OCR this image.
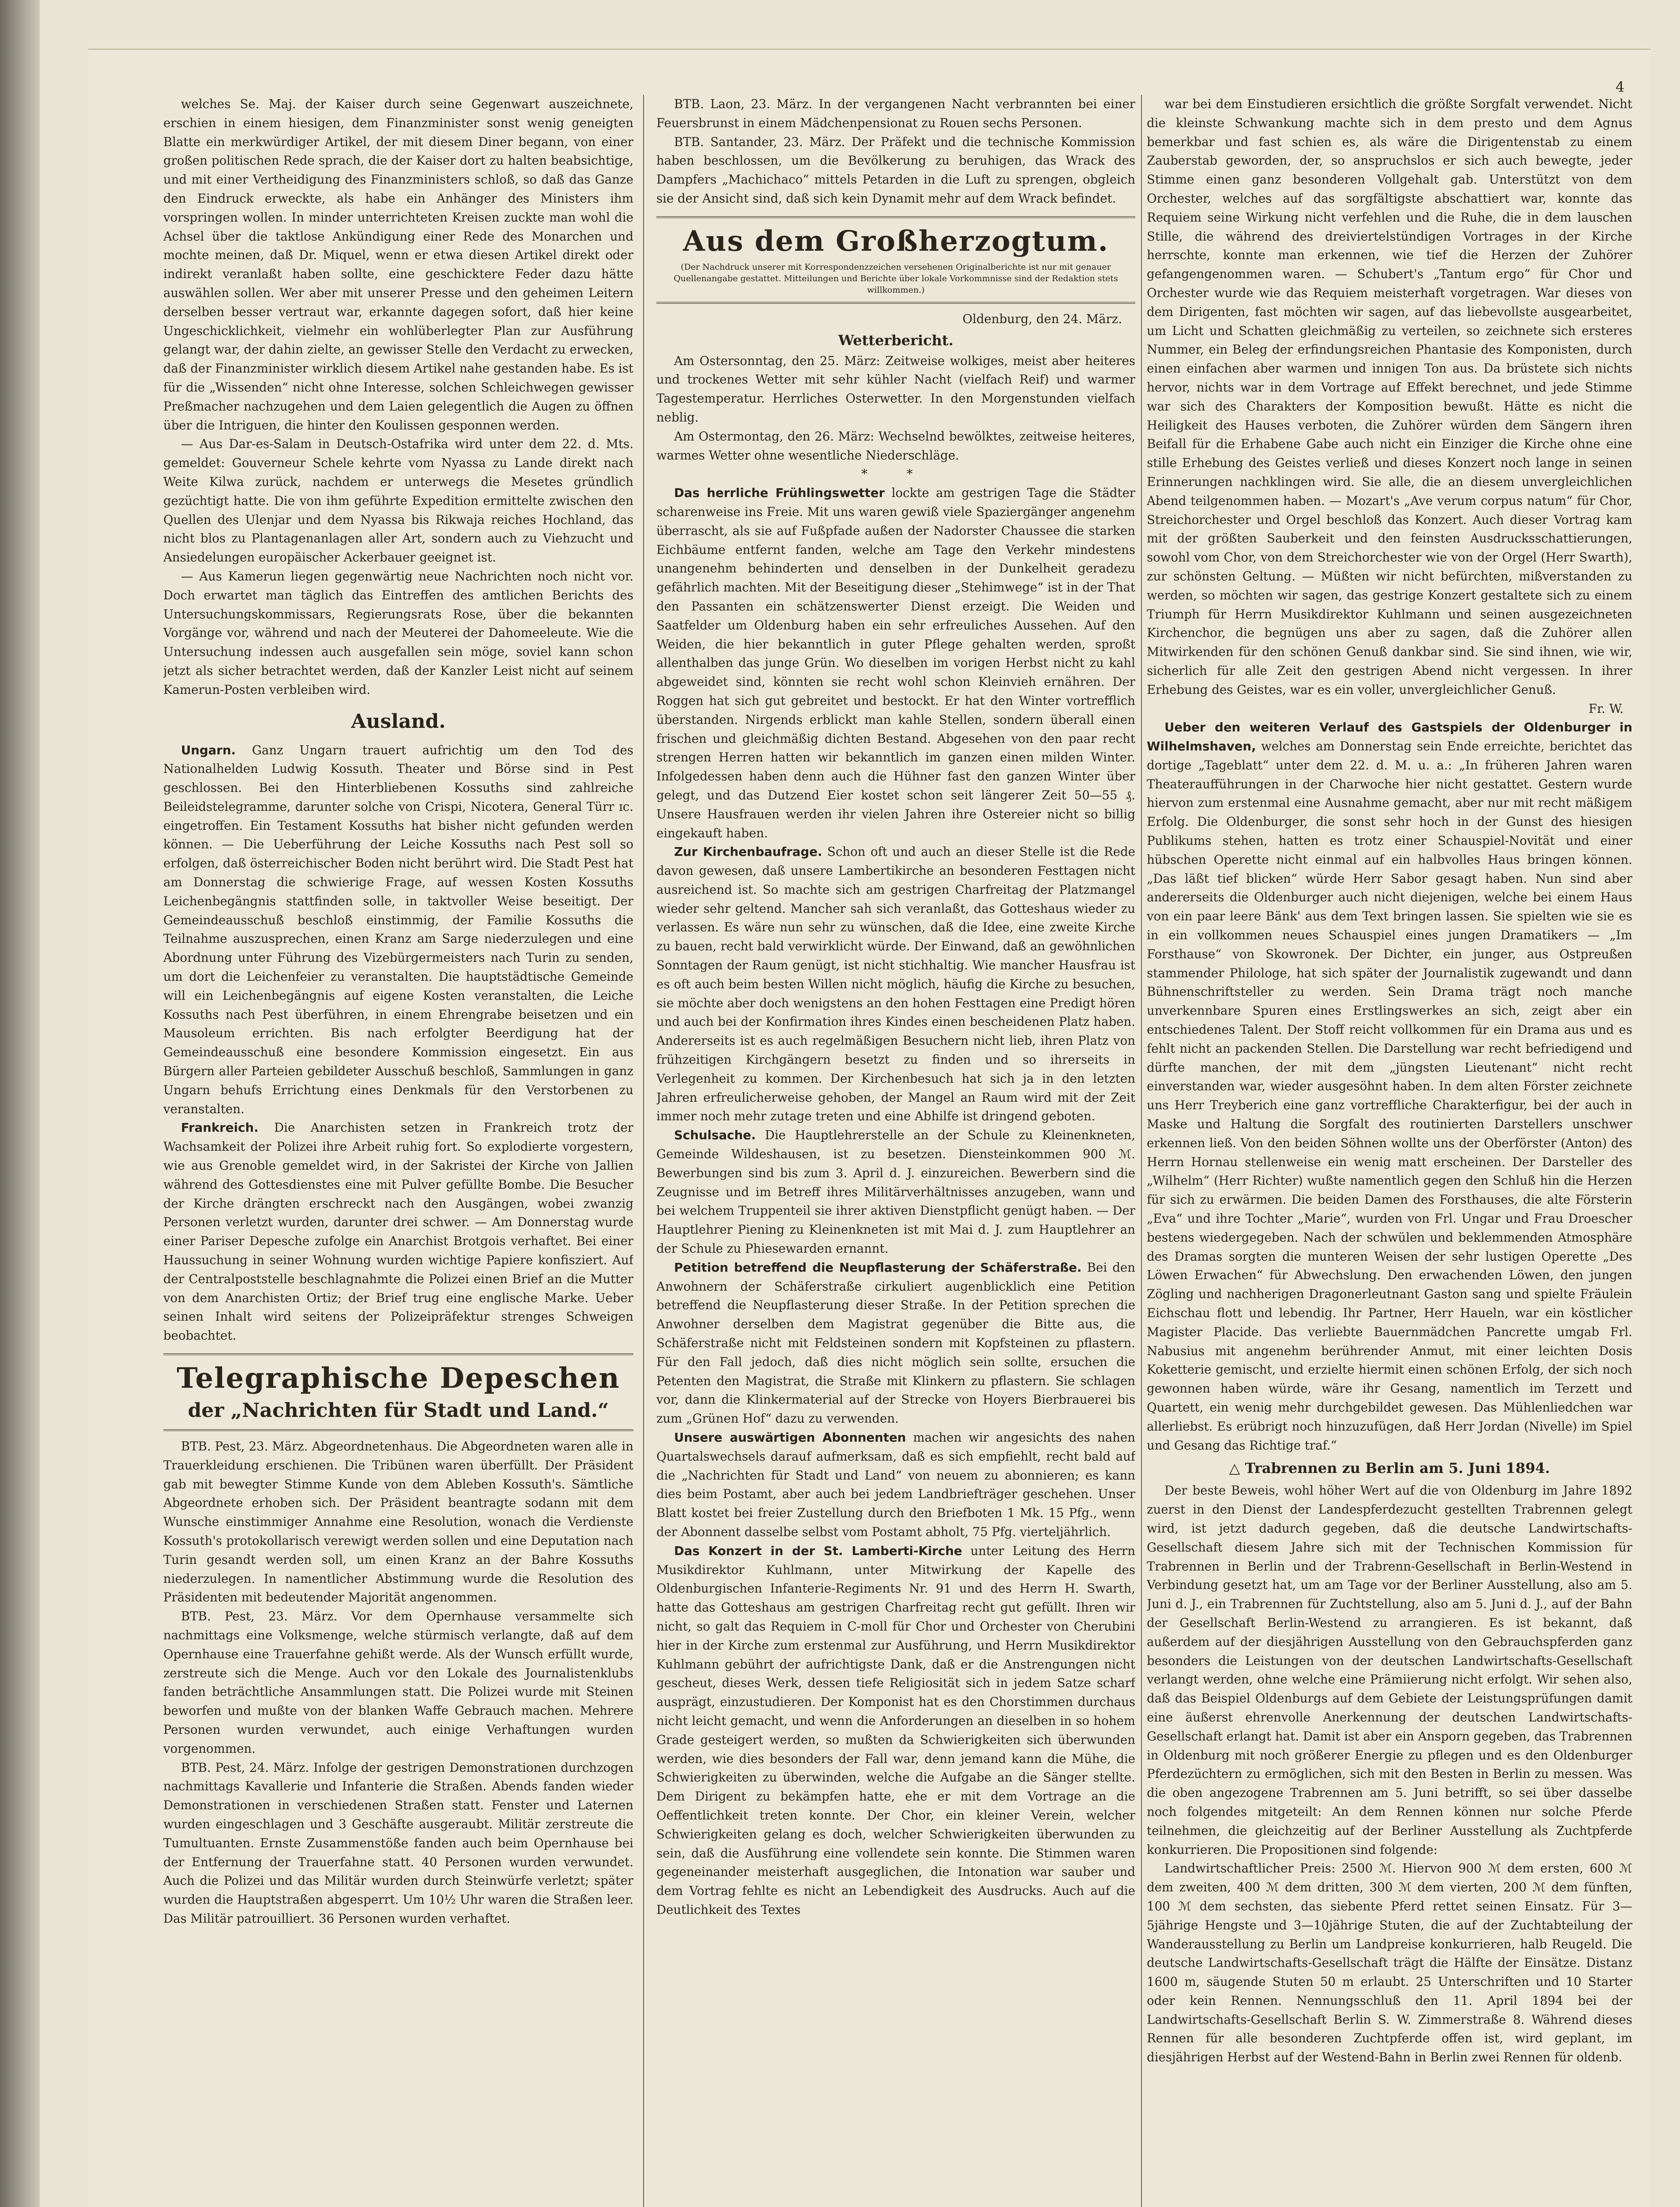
4

welches Se. Maj. der Kaiser durch seine Gegenwart auszeichnete, erschien in einem hiesigen, dem Finanzminister sonst wenig geneigten Blatte ein merkwürdiger Artikel, der mit diesem Diner begann, von einer großen politischen Rede sprach, die der Kaiser dort zu halten beabsichtige, und mit einer Vertheidigung des Finanzministers schloß, so daß das Ganze den Eindruck erweckte, als habe ein Anhänger des Ministers ihm vorspringen wollen. In minder unterrichteten Kreisen zuckte man wohl die Achsel über die taktlose Ankündigung einer Rede des Monarchen und mochte meinen, daß Dr. Miquel, wenn er etwa diesen Artikel direkt oder indirekt veranlaßt haben sollte, eine geschicktere Feder dazu hätte auswählen sollen. Wer aber mit unserer Presse und den geheimen Leitern derselben besser vertraut war, erkannte dagegen sofort, daß hier keine Ungeschicklichkeit, vielmehr ein wohlüberlegter Plan zur Ausführung gelangt war, der dahin zielte, an gewisser Stelle den Verdacht zu erwecken, daß der Finanzminister wirklich diesem Artikel nahe gestanden habe. Es ist für die „Wissenden“ nicht ohne Interesse, solchen Schleichwegen gewisser Preßmacher nachzugehen und dem Laien gelegentlich die Augen zu öffnen über die Intriguen, die hinter den Koulissen gesponnen werden.

— Aus Dar-es-Salam in Deutsch-Ostafrika wird unter dem 22. d. Mts. gemeldet: Gouverneur Schele kehrte vom Nyassa zu Lande direkt nach Weite Kilwa zurück, nachdem er unterwegs die Mesetes gründlich gezüchtigt hatte. Die von ihm geführte Expedition ermittelte zwischen den Quellen des Ulenjar und dem Nyassa bis Rikwaja reiches Hochland, das nicht blos zu Plantagenanlagen aller Art, sondern auch zu Viehzucht und Ansiedelungen europäischer Ackerbauer geeignet ist.

— Aus Kamerun liegen gegenwärtig neue Nachrichten noch nicht vor. Doch erwartet man täglich das Eintreffen des amtlichen Berichts des Untersuchungskommissars, Regierungsrats Rose, über die bekannten Vorgänge vor, während und nach der Meuterei der Dahomeeleute. Wie die Untersuchung indessen auch ausgefallen sein möge, soviel kann schon jetzt als sicher betrachtet werden, daß der Kanzler Leist nicht auf seinem Kamerun-Posten verbleiben wird.

Ausland.

Ungarn. Ganz Ungarn trauert aufrichtig um den Tod des Nationalhelden Ludwig Kossuth. Theater und Börse sind in Pest geschlossen. Bei den Hinterbliebenen Kossuths sind zahlreiche Beileidstelegramme, darunter solche von Crispi, Nicotera, General Türr ɪc. eingetroffen. Ein Testament Kossuths hat bisher nicht gefunden werden können. — Die Ueberführung der Leiche Kossuths nach Pest soll so erfolgen, daß österreichischer Boden nicht berührt wird. Die Stadt Pest hat am Donnerstag die schwierige Frage, auf wessen Kosten Kossuths Leichenbegängnis stattfinden solle, in taktvoller Weise beseitigt. Der Gemeindeausschuß beschloß einstimmig, der Familie Kossuths die Teilnahme auszusprechen, einen Kranz am Sarge niederzulegen und eine Abordnung unter Führung des Vizebürgermeisters nach Turin zu senden, um dort die Leichenfeier zu veranstalten. Die hauptstädtische Gemeinde will ein Leichenbegängnis auf eigene Kosten veranstalten, die Leiche Kossuths nach Pest überführen, in einem Ehrengrabe beisetzen und ein Mausoleum errichten. Bis nach erfolgter Beerdigung hat der Gemeindeausschuß eine besondere Kommission eingesetzt. Ein aus Bürgern aller Parteien gebildeter Ausschuß beschloß, Sammlungen in ganz Ungarn behufs Errichtung eines Denkmals für den Verstorbenen zu veranstalten.

Frankreich. Die Anarchisten setzen in Frankreich trotz der Wachsamkeit der Polizei ihre Arbeit ruhig fort. So explodierte vorgestern, wie aus Grenoble gemeldet wird, in der Sakristei der Kirche von Jallien während des Gottesdienstes eine mit Pulver gefüllte Bombe. Die Besucher der Kirche drängten erschreckt nach den Ausgängen, wobei zwanzig Personen verletzt wurden, darunter drei schwer. — Am Donnerstag wurde einer Pariser Depesche zufolge ein Anarchist Brotgois verhaftet. Bei einer Haussuchung in seiner Wohnung wurden wichtige Papiere konfisziert. Auf der Centralpoststelle beschlagnahmte die Polizei einen Brief an die Mutter von dem Anarchisten Ortiz; der Brief trug eine englische Marke. Ueber seinen Inhalt wird seitens der Polizeipräfektur strenges Schweigen beobachtet.

Telegraphische Depeschen
der „Nachrichten für Stadt und Land.“

BTB. Pest, 23. März. Abgeordnetenhaus. Die Abgeordneten waren alle in Trauerkleidung erschienen. Die Tribünen waren überfüllt. Der Präsident gab mit bewegter Stimme Kunde von dem Ableben Kossuth's. Sämtliche Abgeordnete erhoben sich. Der Präsident beantragte sodann mit dem Wunsche einstimmiger Annahme eine Resolution, wonach die Verdienste Kossuth's protokollarisch verewigt werden sollen und eine Deputation nach Turin gesandt werden soll, um einen Kranz an der Bahre Kossuths niederzulegen. In namentlicher Abstimmung wurde die Resolution des Präsidenten mit bedeutender Majorität angenommen.

BTB. Pest, 23. März. Vor dem Opernhause versammelte sich nachmittags eine Volksmenge, welche stürmisch verlangte, daß auf dem Opernhause eine Trauerfahne gehißt werde. Als der Wunsch erfüllt wurde, zerstreute sich die Menge. Auch vor den Lokale des Journalistenklubs fanden beträchtliche Ansammlungen statt. Die Polizei wurde mit Steinen beworfen und mußte von der blanken Waffe Gebrauch machen. Mehrere Personen wurden verwundet, auch einige Verhaftungen wurden vorgenommen.

BTB. Pest, 24. März. Infolge der gestrigen Demonstrationen durchzogen nachmittags Kavallerie und Infanterie die Straßen. Abends fanden wieder Demonstrationen in verschiedenen Straßen statt. Fenster und Laternen wurden eingeschlagen und 3 Geschäfte ausgeraubt. Militär zerstreute die Tumultuanten. Ernste Zusammenstöße fanden auch beim Opernhause bei der Entfernung der Trauerfahne statt. 40 Personen wurden verwundet. Auch die Polizei und das Militär wurden durch Steinwürfe verletzt; später wurden die Hauptstraßen abgesperrt. Um 10½ Uhr waren die Straßen leer. Das Militär patrouilliert. 36 Personen wurden verhaftet.

BTB. Laon, 23. März. In der vergangenen Nacht verbrannten bei einer Feuersbrunst in einem Mädchenpensionat zu Rouen sechs Personen.

BTB. Santander, 23. März. Der Präfekt und die technische Kommission haben beschlossen, um die Bevölkerung zu beruhigen, das Wrack des Dampfers „Machichaco“ mittels Petarden in die Luft zu sprengen, obgleich sie der Ansicht sind, daß sich kein Dynamit mehr auf dem Wrack befindet.

Aus dem Großherzogtum.
(Der Nachdruck unserer mit Korrespondenzzeichen versehenen Originalberichte ist nur mit genauer Quellenangabe gestattet. Mitteilungen und Berichte über lokale Vorkommnisse sind der Redaktion stets willkommen.)
Oldenburg, den 24. März.
Wetterbericht.

Am Ostersonntag, den 25. März: Zeitweise wolkiges, meist aber heiteres und trockenes Wetter mit sehr kühler Nacht (vielfach Reif) und warmer Tagestemperatur. Herrliches Osterwetter. In den Morgenstunden vielfach neblig.

Am Ostermontag, den 26. März: Wechselnd bewölktes, zeitweise heiteres, warmes Wetter ohne wesentliche Niederschläge.

* *

Das herrliche Frühlingswetter lockte am gestrigen Tage die Städter scharenweise ins Freie. Mit uns waren gewiß viele Spaziergänger angenehm überrascht, als sie auf Fußpfade außen der Nadorster Chaussee die starken Eichbäume entfernt fanden, welche am Tage den Verkehr mindestens unangenehm behinderten und denselben in der Dunkelheit geradezu gefährlich machten. Mit der Beseitigung dieser „Stehimwege“ ist in der That den Passanten ein schätzenswerter Dienst erzeigt. Die Weiden und Saatfelder um Oldenburg haben ein sehr erfreuliches Aussehen. Auf den Weiden, die hier bekanntlich in guter Pflege gehalten werden, sproßt allenthalben das junge Grün. Wo dieselben im vorigen Herbst nicht zu kahl abgeweidet sind, könnten sie recht wohl schon Kleinvieh ernähren. Der Roggen hat sich gut gebreitet und bestockt. Er hat den Winter vortrefflich überstanden. Nirgends erblickt man kahle Stellen, sondern überall einen frischen und gleichmäßig dichten Bestand. Abgesehen von den paar recht strengen Herren hatten wir bekanntlich im ganzen einen milden Winter. Infolgedessen haben denn auch die Hühner fast den ganzen Winter über gelegt, und das Dutzend Eier kostet schon seit längerer Zeit 50—55 ₰. Unsere Hausfrauen werden ihr vielen Jahren ihre Ostereier nicht so billig eingekauft haben.

Zur Kirchenbaufrage. Schon oft und auch an dieser Stelle ist die Rede davon gewesen, daß unsere Lambertikirche an besonderen Festtagen nicht ausreichend ist. So machte sich am gestrigen Charfreitag der Platzmangel wieder sehr geltend. Mancher sah sich veranlaßt, das Gotteshaus wieder zu verlassen. Es wäre nun sehr zu wünschen, daß die Idee, eine zweite Kirche zu bauen, recht bald verwirklicht würde. Der Einwand, daß an gewöhnlichen Sonntagen der Raum genügt, ist nicht stichhaltig. Wie mancher Hausfrau ist es oft auch beim besten Willen nicht möglich, häufig die Kirche zu besuchen, sie möchte aber doch wenigstens an den hohen Festtagen eine Predigt hören und auch bei der Konfirmation ihres Kindes einen bescheidenen Platz haben. Andererseits ist es auch regelmäßigen Besuchern nicht lieb, ihren Platz von frühzeitigen Kirchgängern besetzt zu finden und so ihrerseits in Verlegenheit zu kommen. Der Kirchenbesuch hat sich ja in den letzten Jahren erfreulicherweise gehoben, der Mangel an Raum wird mit der Zeit immer noch mehr zutage treten und eine Abhilfe ist dringend geboten.

Schulsache. Die Hauptlehrerstelle an der Schule zu Kleinenkneten, Gemeinde Wildeshausen, ist zu besetzen. Diensteinkommen 900 ℳ. Bewerbungen sind bis zum 3. April d. J. einzureichen. Bewerbern sind die Zeugnisse und im Betreff ihres Militärverhältnisses anzugeben, wann und bei welchem Truppenteil sie ihrer aktiven Dienstpflicht genügt haben. — Der Hauptlehrer Piening zu Kleinenkneten ist mit Mai d. J. zum Hauptlehrer an der Schule zu Phiesewarden ernannt.

Petition betreffend die Neupflasterung der Schäferstraße. Bei den Anwohnern der Schäferstraße cirkuliert augenblicklich eine Petition betreffend die Neupflasterung dieser Straße. In der Petition sprechen die Anwohner derselben dem Magistrat gegenüber die Bitte aus, die Schäferstraße nicht mit Feldsteinen sondern mit Kopfsteinen zu pflastern. Für den Fall jedoch, daß dies nicht möglich sein sollte, ersuchen die Petenten den Magistrat, die Straße mit Klinkern zu pflastern. Sie schlagen vor, dann die Klinkermaterial auf der Strecke von Hoyers Bierbrauerei bis zum „Grünen Hof“ dazu zu verwenden.

Unsere auswärtigen Abonnenten machen wir angesichts des nahen Quartalswechsels darauf aufmerksam, daß es sich empfiehlt, recht bald auf die „Nachrichten für Stadt und Land“ von neuem zu abonnieren; es kann dies beim Postamt, aber auch bei jedem Landbriefträger geschehen. Unser Blatt kostet bei freier Zustellung durch den Briefboten 1 Mk. 15 Pfg., wenn der Abonnent dasselbe selbst vom Postamt abholt, 75 Pfg. vierteljährlich.

Das Konzert in der St. Lamberti-Kirche unter Leitung des Herrn Musikdirektor Kuhlmann, unter Mitwirkung der Kapelle des Oldenburgischen Infanterie-Regiments Nr. 91 und des Herrn H. Swarth, hatte das Gotteshaus am gestrigen Charfreitag recht gut gefüllt. Ihren wir nicht, so galt das Requiem in C-moll für Chor und Orchester von Cherubini hier in der Kirche zum erstenmal zur Ausführung, und Herrn Musikdirektor Kuhlmann gebührt der aufrichtigste Dank, daß er die Anstrengungen nicht gescheut, dieses Werk, dessen tiefe Religiosität sich in jedem Satze scharf ausprägt, einzustudieren. Der Komponist hat es den Chorstimmen durchaus nicht leicht gemacht, und wenn die Anforderungen an dieselben in so hohem Grade gesteigert werden, so mußten da Schwierigkeiten sich überwunden werden, wie dies besonders der Fall war, denn jemand kann die Mühe, die Schwierigkeiten zu überwinden, welche die Aufgabe an die Sänger stellte. Dem Dirigent zu bekämpfen hatte, ehe er mit dem Vortrage an die Oeffentlichkeit treten konnte. Der Chor, ein kleiner Verein, welcher Schwierigkeiten gelang es doch, welcher Schwierigkeiten überwunden zu sein, daß die Ausführung eine vollendete sein konnte. Die Stimmen waren gegeneinander meisterhaft ausgeglichen, die Intonation war sauber und dem Vortrag fehlte es nicht an Lebendigkeit des Ausdrucks. Auch auf die Deutlichkeit des Textes

war bei dem Einstudieren ersichtlich die größte Sorgfalt verwendet. Nicht die kleinste Schwankung machte sich in dem presto und dem Agnus bemerkbar und fast schien es, als wäre die Dirigentenstab zu einem Zauberstab geworden, der, so anspruchslos er sich auch bewegte, jeder Stimme einen ganz besonderen Vollgehalt gab. Unterstützt von dem Orchester, welches auf das sorgfältigste abschattiert war, konnte das Requiem seine Wirkung nicht verfehlen und die Ruhe, die in dem lauschen Stille, die während des dreiviertelstündigen Vortrages in der Kirche herrschte, konnte man erkennen, wie tief die Herzen der Zuhörer gefangengenommen waren. — Schubert's „Tantum ergo“ für Chor und Orchester wurde wie das Requiem meisterhaft vorgetragen. War dieses von dem Dirigenten, fast möchten wir sagen, auf das liebevollste ausgearbeitet, um Licht und Schatten gleichmäßig zu verteilen, so zeichnete sich ersteres Nummer, ein Beleg der erfindungsreichen Phantasie des Komponisten, durch einen einfachen aber warmen und innigen Ton aus. Da brüstete sich nichts hervor, nichts war in dem Vortrage auf Effekt berechnet, und jede Stimme war sich des Charakters der Komposition bewußt. Hätte es nicht die Heiligkeit des Hauses verboten, die Zuhörer würden dem Sängern ihren Beifall für die Erhabene Gabe auch nicht ein Einziger die Kirche ohne eine stille Erhebung des Geistes verließ und dieses Konzert noch lange in seinen Erinnerungen nachklingen wird. Sie alle, die an diesem unvergleichlichen Abend teilgenommen haben. — Mozart's „Ave verum corpus natum“ für Chor, Streichorchester und Orgel beschloß das Konzert. Auch dieser Vortrag kam mit der größten Sauberkeit und den feinsten Ausdrucksschattierungen, sowohl vom Chor, von dem Streichorchester wie von der Orgel (Herr Swarth), zur schönsten Geltung. — Müßten wir nicht befürchten, mißverstanden zu werden, so möchten wir sagen, das gestrige Konzert gestaltete sich zu einem Triumph für Herrn Musikdirektor Kuhlmann und seinen ausgezeichneten Kirchenchor, die begnügen uns aber zu sagen, daß die Zuhörer allen Mitwirkenden für den schönen Genuß dankbar sind. Sie sind ihnen, wie wir, sicherlich für alle Zeit den gestrigen Abend nicht vergessen. In ihrer Erhebung des Geistes, war es ein voller, unvergleichlicher Genuß.

Fr. W.

Ueber den weiteren Verlauf des Gastspiels der Oldenburger in Wilhelmshaven, welches am Donnerstag sein Ende erreichte, berichtet das dortige „Tageblatt“ unter dem 22. d. M. u. a.: „In früheren Jahren waren Theateraufführungen in der Charwoche hier nicht gestattet. Gestern wurde hiervon zum erstenmal eine Ausnahme gemacht, aber nur mit recht mäßigem Erfolg. Die Oldenburger, die sonst sehr hoch in der Gunst des hiesigen Publikums stehen, hatten es trotz einer Schauspiel-Novität und einer hübschen Operette nicht einmal auf ein halbvolles Haus bringen können. „Das läßt tief blicken“ würde Herr Sabor gesagt haben. Nun sind aber andererseits die Oldenburger auch nicht diejenigen, welche bei einem Haus von ein paar leere Bänk' aus dem Text bringen lassen. Sie spielten wie sie es in ein vollkommen neues Schauspiel eines jungen Dramatikers — „Im Forsthause“ von Skowronek. Der Dichter, ein junger, aus Ostpreußen stammender Philologe, hat sich später der Journalistik zugewandt und dann Bühnenschriftsteller zu werden. Sein Drama trägt noch manche unverkennbare Spuren eines Erstlingswerkes an sich, zeigt aber ein entschiedenes Talent. Der Stoff reicht vollkommen für ein Drama aus und es fehlt nicht an packenden Stellen. Die Darstellung war recht befriedigend und dürfte manchen, der mit dem „jüngsten Lieutenant“ nicht recht einverstanden war, wieder ausgesöhnt haben. In dem alten Förster zeichnete uns Herr Treyberich eine ganz vortreffliche Charakterfigur, bei der auch in Maske und Haltung die Sorgfalt des routinierten Darstellers unschwer erkennen ließ. Von den beiden Söhnen wollte uns der Oberförster (Anton) des Herrn Hornau stellenweise ein wenig matt erscheinen. Der Darsteller des „Wilhelm“ (Herr Richter) wußte namentlich gegen den Schluß hin die Herzen für sich zu erwärmen. Die beiden Damen des Forsthauses, die alte Försterin „Eva“ und ihre Tochter „Marie“, wurden von Frl. Ungar und Frau Droescher bestens wiedergegeben. Nach der schwülen und beklemmenden Atmosphäre des Dramas sorgten die munteren Weisen der sehr lustigen Operette „Des Löwen Erwachen“ für Abwechslung. Den erwachenden Löwen, den jungen Zögling und nachherigen Dragonerleutnant Gaston sang und spielte Fräulein Eichschau flott und lebendig. Ihr Partner, Herr Haueln, war ein köstlicher Magister Placide. Das verliebte Bauernmädchen Pancrette umgab Frl. Nabusius mit angenehm berührender Anmut, mit einer leichten Dosis Koketterie gemischt, und erzielte hiermit einen schönen Erfolg, der sich noch gewonnen haben würde, wäre ihr Gesang, namentlich im Terzett und Quartett, ein wenig mehr durchgebildet gewesen. Das Mühlenliedchen war allerliebst. Es erübrigt noch hinzuzufügen, daß Herr Jordan (Nivelle) im Spiel und Gesang das Richtige traf.“

△ Trabrennen zu Berlin am 5. Juni 1894.

Der beste Beweis, wohl höher Wert auf die von Oldenburg im Jahre 1892 zuerst in den Dienst der Landespferdezucht gestellten Trabrennen gelegt wird, ist jetzt dadurch gegeben, daß die deutsche Landwirtschafts-Gesellschaft diesem Jahre sich mit der Technischen Kommission für Trabrennen in Berlin und der Trabrenn-Gesellschaft in Berlin-Westend in Verbindung gesetzt hat, um am Tage vor der Berliner Ausstellung, also am 5. Juni d. J., ein Trabrennen für Zuchtstellung, also am 5. Juni d. J., auf der Bahn der Gesellschaft Berlin-Westend zu arrangieren. Es ist bekannt, daß außerdem auf der diesjährigen Ausstellung von den Gebrauchspferden ganz besonders die Leistungen von der deutschen Landwirtschafts-Gesellschaft verlangt werden, ohne welche eine Prämiierung nicht erfolgt. Wir sehen also, daß das Beispiel Oldenburgs auf dem Gebiete der Leistungsprüfungen damit eine äußerst ehrenvolle Anerkennung der deutschen Landwirtschafts-Gesellschaft erlangt hat. Damit ist aber ein Ansporn gegeben, das Trabrennen in Oldenburg mit noch größerer Energie zu pflegen und es den Oldenburger Pferdezüchtern zu ermöglichen, sich mit den Besten in Berlin zu messen. Was die oben angezogene Trabrennen am 5. Juni betrifft, so sei über dasselbe noch folgendes mitgeteilt: An dem Rennen können nur solche Pferde teilnehmen, die gleichzeitig auf der Berliner Ausstellung als Zuchtpferde konkurrieren. Die Propositionen sind folgende:

Landwirtschaftlicher Preis: 2500 ℳ. Hiervon 900 ℳ dem ersten, 600 ℳ dem zweiten, 400 ℳ dem dritten, 300 ℳ dem vierten, 200 ℳ dem fünften, 100 ℳ dem sechsten, das siebente Pferd rettet seinen Einsatz. Für 3—5jährige Hengste und 3—10jährige Stuten, die auf der Zuchtabteilung der Wanderausstellung zu Berlin um Landpreise konkurrieren, halb Reugeld. Die deutsche Landwirtschafts-Gesellschaft trägt die Hälfte der Einsätze. Distanz 1600 m, säugende Stuten 50 m erlaubt. 25 Unterschriften und 10 Starter oder kein Rennen. Nennungsschluß den 11. April 1894 bei der Landwirtschafts-Gesellschaft Berlin S. W. Zimmerstraße 8. Während dieses Rennen für alle besonderen Zuchtpferde offen ist, wird geplant, im diesjährigen Herbst auf der Westend-Bahn in Berlin zwei Rennen für oldenb.
